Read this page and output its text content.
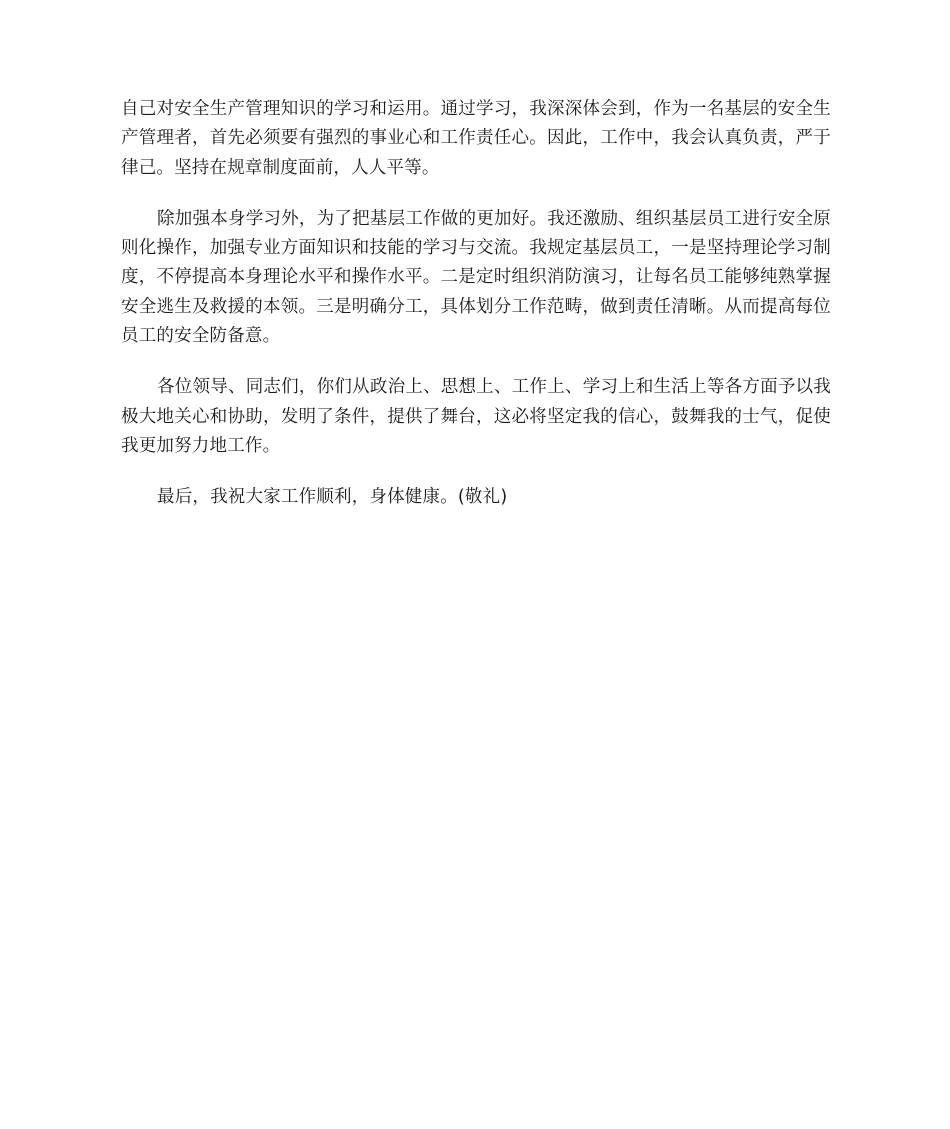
自己对安全生产管理知识的学习和运用。通过学习，我深深体会到，作为一名基层的安全生产管理者，首先必须要有强烈的事业心和工作责任心。因此，工作中，我会认真负责，严于律己。坚持在规章制度面前，人人平等。

除加强本身学习外，为了把基层工作做的更加好。我还激励、组织基层员工进行安全原则化操作，加强专业方面知识和技能的学习与交流。我规定基层员工，一是坚持理论学习制度，不停提高本身理论水平和操作水平。二是定时组织消防演习，让每名员工能够纯熟掌握安全逃生及救援的本领。三是明确分工，具体划分工作范畴，做到责任清晰。从而提高每位员工的安全防备意。

各位领导、同志们，你们从政治上、思想上、工作上、学习上和生活上等各方面予以我极大地关心和协助，发明了条件，提供了舞台，这必将坚定我的信心，鼓舞我的士气，促使我更加努力地工作。

最后，我祝大家工作顺利，身体健康。(敬礼)
